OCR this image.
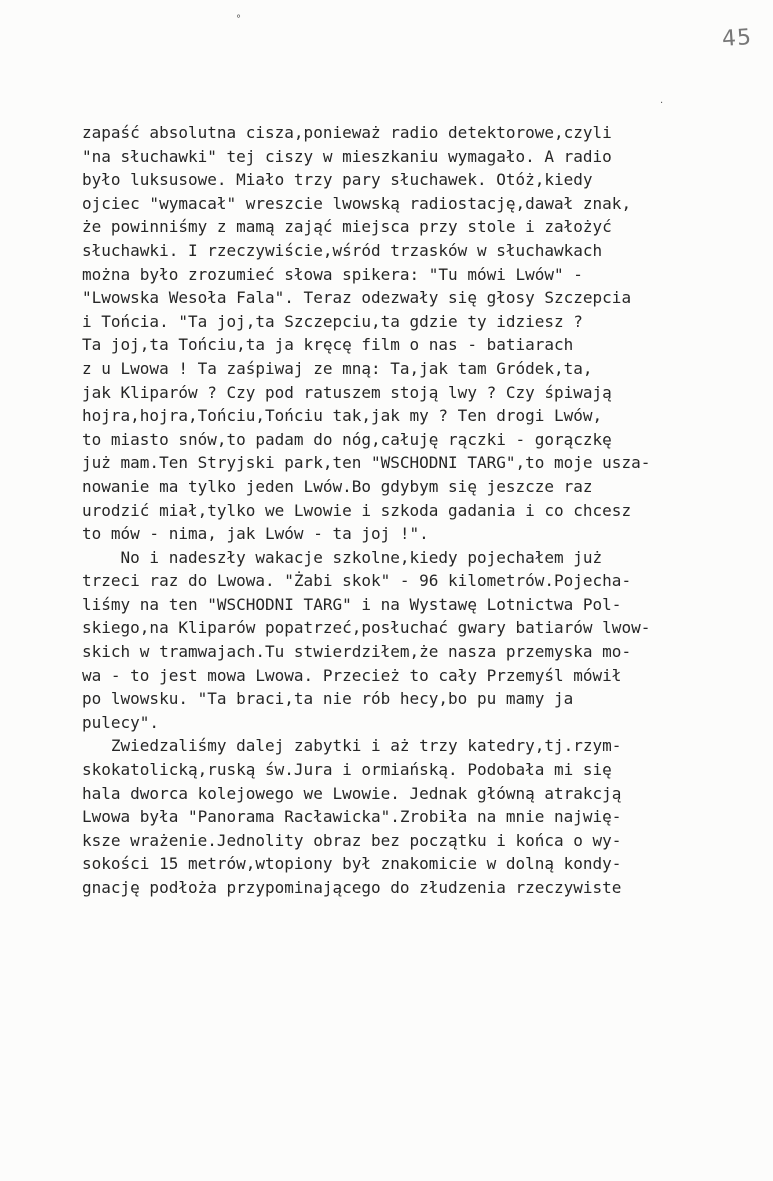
45
°
·
zapaść absolutna cisza,ponieważ radio detektorowe,czyli
"na słuchawki" tej ciszy w mieszkaniu wymagało. A radio
było luksusowe. Miało trzy pary słuchawek. Otóż,kiedy
ojciec "wymacał" wreszcie lwowską radiostację,dawał znak,
że powinniśmy z mamą zająć miejsca przy stole i założyć
słuchawki. I rzeczywiście,wśród trzasków w słuchawkach
można było zrozumieć słowa spikera: "Tu mówi Lwów" -
"Lwowska Wesoła Fala". Teraz odezwały się głosy Szczepcia
i Tońcia. "Ta joj,ta Szczepciu,ta gdzie ty idziesz ?
Ta joj,ta Tońciu,ta ja kręcę film o nas - batiarach
z u Lwowa ! Ta zaśpiwaj ze mną: Ta,jak tam Gródek,ta,
jak Kliparów ? Czy pod ratuszem stoją lwy ? Czy śpiwają
hojra,hojra,Tońciu,Tońciu tak,jak my ? Ten drogi Lwów,
to miasto snów,to padam do nóg,całuję rączki - gorączkę
już mam.Ten Stryjski park,ten "WSCHODNI TARG",to moje usza-
nowanie ma tylko jeden Lwów.Bo gdybym się jeszcze raz
urodzić miał,tylko we Lwowie i szkoda gadania i co chcesz
to mów - nima, jak Lwów - ta joj !".
No i nadeszły wakacje szkolne,kiedy pojechałem już
trzeci raz do Lwowa. "Żabi skok" - 96 kilometrów.Pojecha-
liśmy na ten "WSCHODNI TARG" i na Wystawę Lotnictwa Pol-
skiego,na Kliparów popatrzeć,posłuchać gwary batiarów lwow-
skich w tramwajach.Tu stwierdziłem,że nasza przemyska mo-
wa - to jest mowa Lwowa. Przecież to cały Przemyśl mówił
po lwowsku. "Ta braci,ta nie rób hecy,bo pu mamy ja
pulecy".
Zwiedzaliśmy dalej zabytki i aż trzy katedry,tj.rzym-
skokatolicką,ruską św.Jura i ormiańską. Podobała mi się
hala dworca kolejowego we Lwowie. Jednak główną atrakcją
Lwowa była "Panorama Racławicka".Zrobiła na mnie najwię-
ksze wrażenie.Jednolity obraz bez początku i końca o wy-
sokości 15 metrów,wtopiony był znakomicie w dolną kondy-
gnację podłoża przypominającego do złudzenia rzeczywiste
